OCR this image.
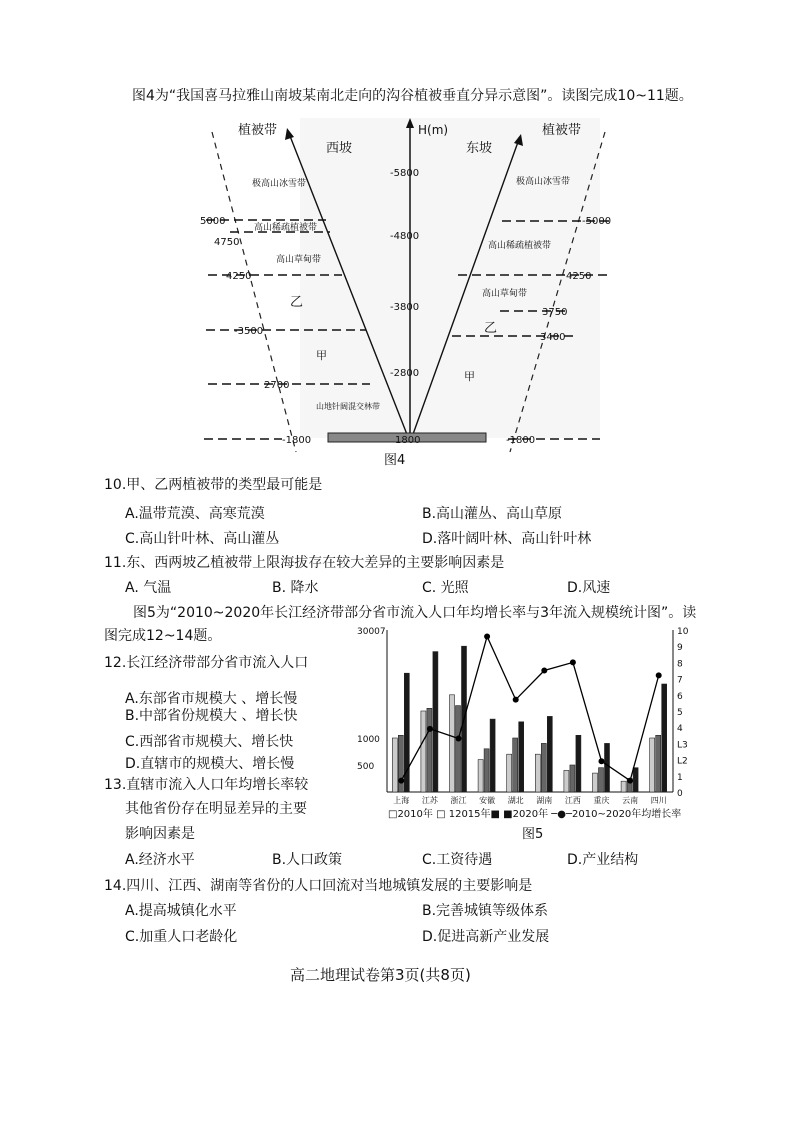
图4为“我国喜马拉雅山南坡某南北走向的沟谷植被垂直分异示意图”。读图完成10~11题。
H(m)
植被带	植被带
西坡	东坡
-5800
-4800
-3800
-2800
1800
5000
4750
4250
-3500
2700
-1800
-5000
4250
3750
3400
-1800
极高山冰雪带
高山稀疏植被带
高山草甸带
乙
甲
山地针阔混交林带
极高山冰雪带
高山稀疏植被带
高山草甸带
乙
甲
图4
10.甲、乙两植被带的类型最可能是
A.温带荒漠、高寒荒漠	B.高山灌丛、高山草原
C.高山针叶林、高山灌丛	D.落叶阔叶林、高山针叶林
11.东、西两坡乙植被带上限海拔存在较大差异的主要影响因素是
A. 气温	B. 降水	C. 光照	D.风速
图5为“2010~2020年长江经济带部分省市流入人口年均增长率与3年流入规模统计图”。读
图完成12~14题。
12.长江经济带部分省市流入人口
A.东部省市规模大 、增长慢
B.中部省份规模大 、增长快
C.西部省市规模大、增长快
D.直辖市的规模大、增长慢
13.直辖市流入人口年均增长率较
其他省份存在明显差异的主要
影响因素是
A.经济水平	B.人口政策	C.工资待遇	D.产业结构
14.四川、江西、湖南等省份的人口回流对当地城镇发展的主要影响是
A.提高城镇化水平	B.完善城镇等级体系
C.加重人口老龄化	D.促进高新产业发展
高二地理试卷第3页(共8页)
30007
1000
500
10
9
8
7
6
5
4
L3
L2
1
0
上海 江苏 浙江 安徽 湖北 湖南 江西 重庆 云南 四川
□2010年 □ 12015年■ ■2020年 ─●─2010~2020年均增长率
图5
